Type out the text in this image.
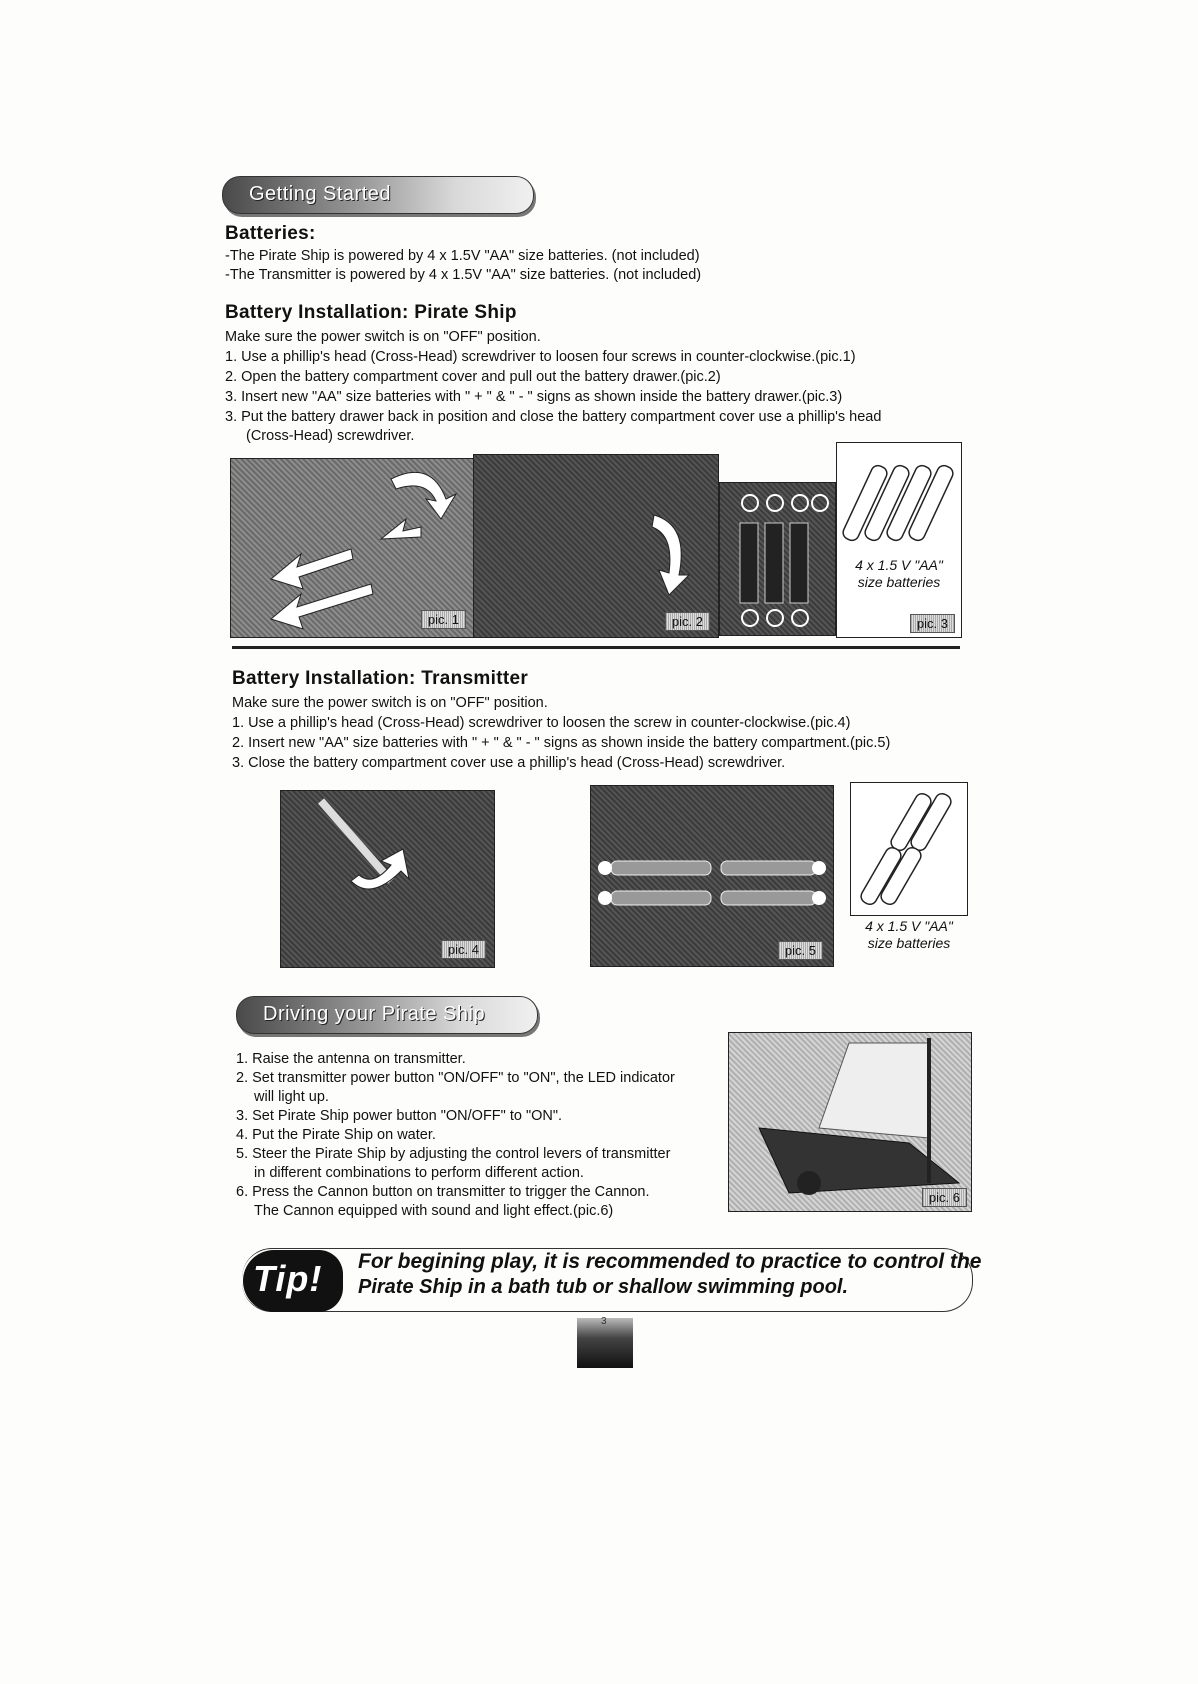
Getting Started
Batteries:
-The Pirate Ship is powered by 4 x 1.5V "AA" size batteries. (not included)
-The Transmitter is powered by 4 x 1.5V "AA" size batteries. (not included)
Battery Installation: Pirate Ship
Make sure the power switch is on "OFF" position.
1. Use a phillip's head (Cross-Head) screwdriver to loosen four screws in counter-clockwise.(pic.1)
2. Open the battery compartment cover and pull out the battery drawer.(pic.2)
3. Insert new "AA" size batteries with " + " & " - " signs as shown inside the battery drawer.(pic.3)
3. Put the battery drawer back in position and close the battery compartment cover use a phillip's head
(Cross-Head) screwdriver.
pic. 1	pic. 2
4 x 1.5 V "AA"
size batteries
pic. 3
Battery Installation: Transmitter
Make sure the power switch is on "OFF" position.
1. Use a phillip's head (Cross-Head) screwdriver to loosen the screw in counter-clockwise.(pic.4)
2. Insert new "AA" size batteries with " + " & " - " signs as shown inside the battery compartment.(pic.5)
3. Close the battery compartment cover use a phillip's head (Cross-Head) screwdriver.
pic. 4	pic. 5
4 x 1.5 V "AA"
size batteries
Driving your Pirate Ship
1. Raise the antenna on transmitter.
2. Set transmitter power button "ON/OFF" to "ON", the LED indicator
will light up.
3. Set Pirate Ship power button "ON/OFF" to "ON".
4. Put the Pirate Ship on water.
5. Steer the Pirate Ship by adjusting the control levers of transmitter
in different combinations to perform different action.
6. Press the Cannon button on transmitter to trigger the Cannon.
The Cannon equipped with sound and light effect.(pic.6)
pic. 6
Tip! For begining play, it is recommended to practice to control the
Pirate Ship in a bath tub or shallow swimming pool.
3
